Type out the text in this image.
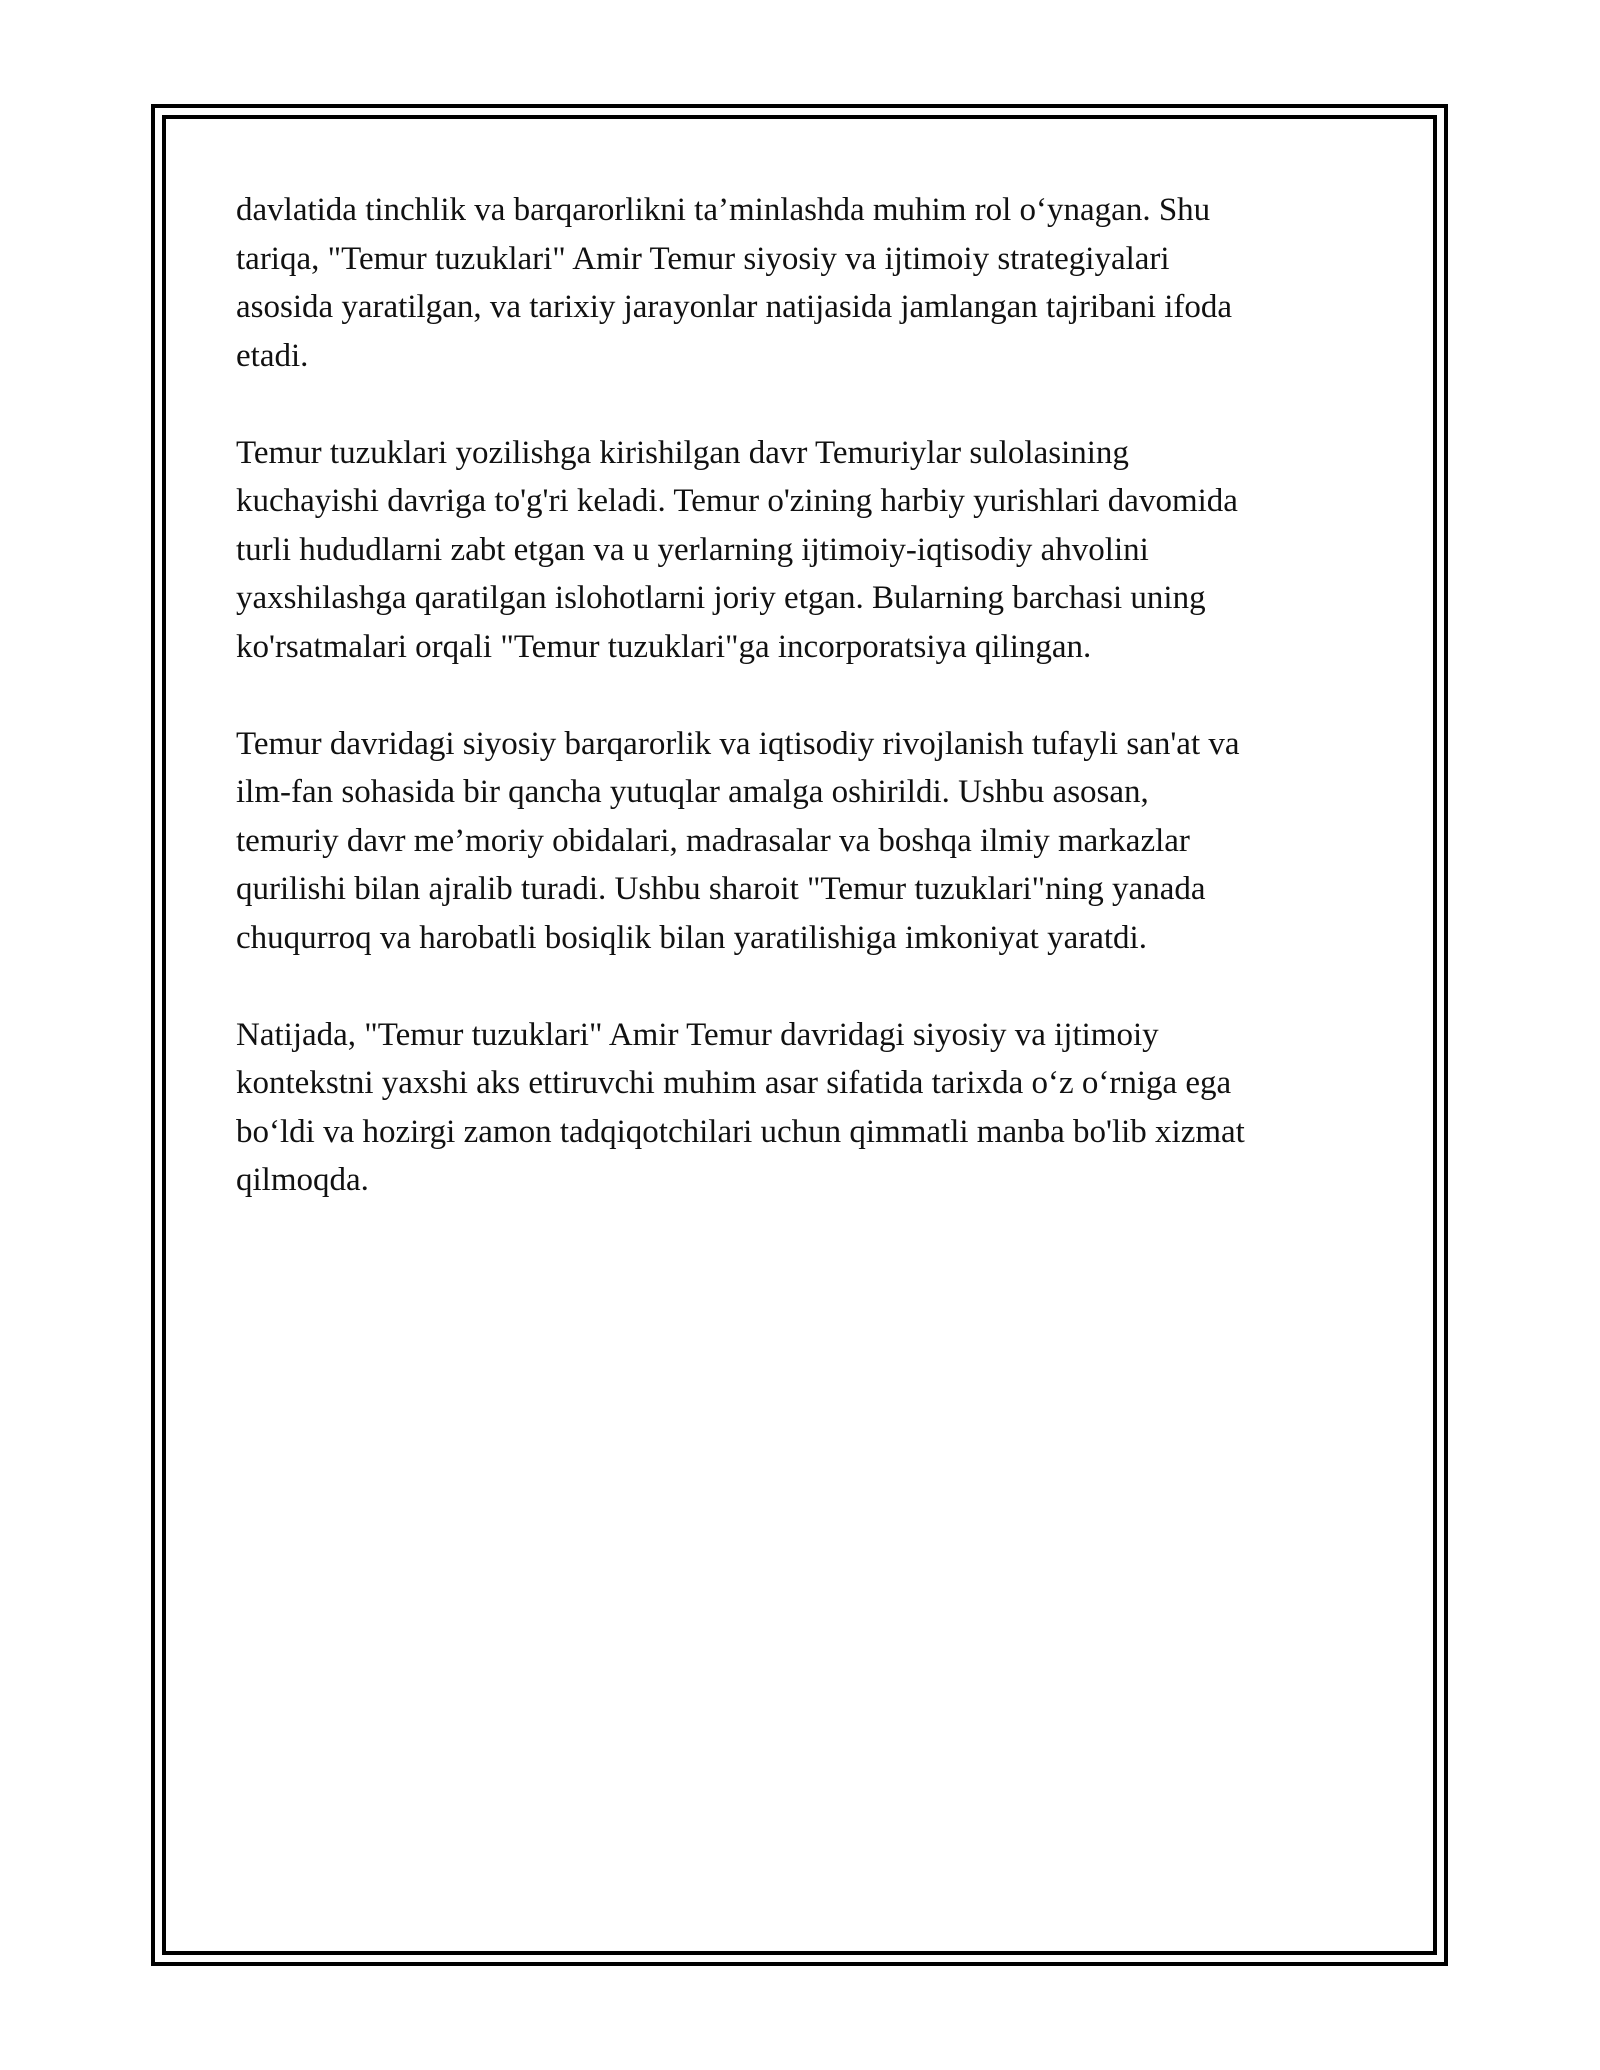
davlatida tinchlik va barqarorlikni ta’minlashda muhim rol o‘ynagan. Shu
tariqa, "Temur tuzuklari" Amir Temur siyosiy va ijtimoiy strategiyalari
asosida yaratilgan, va tarixiy jarayonlar natijasida jamlangan tajribani ifoda
etadi.

Temur tuzuklari yozilishga kirishilgan davr Temuriylar sulolasining
kuchayishi davriga to'g'ri keladi. Temur o'zining harbiy yurishlari davomida
turli hududlarni zabt etgan va u yerlarning ijtimoiy-iqtisodiy ahvolini
yaxshilashga qaratilgan islohotlarni joriy etgan. Bularning barchasi uning
ko'rsatmalari orqali "Temur tuzuklari"ga incorporatsiya qilingan.

Temur davridagi siyosiy barqarorlik va iqtisodiy rivojlanish tufayli san'at va
ilm-fan sohasida bir qancha yutuqlar amalga oshirildi. Ushbu asosan,
temuriy davr me’moriy obidalari, madrasalar va boshqa ilmiy markazlar
qurilishi bilan ajralib turadi. Ushbu sharoit "Temur tuzuklari"ning yanada
chuqurroq va harobatli bosiqlik bilan yaratilishiga imkoniyat yaratdi.

Natijada, "Temur tuzuklari" Amir Temur davridagi siyosiy va ijtimoiy
kontekstni yaxshi aks ettiruvchi muhim asar sifatida tarixda o‘z o‘rniga ega
bo‘ldi va hozirgi zamon tadqiqotchilari uchun qimmatli manba bo'lib xizmat
qilmoqda.
